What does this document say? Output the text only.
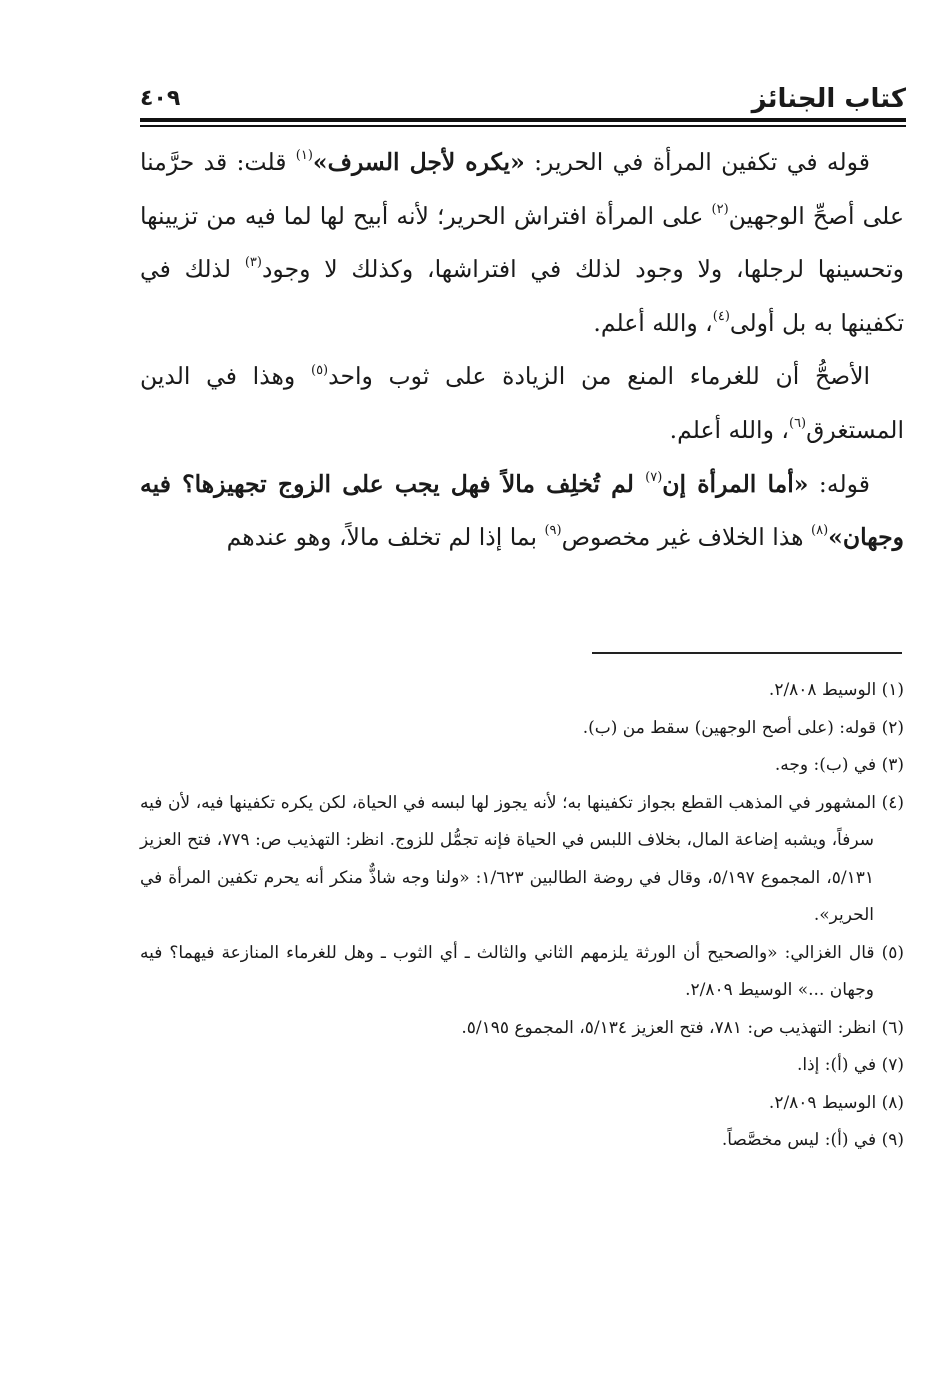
كتاب الجنائز
٤٠٩

قوله في تكفين المرأة في الحرير: «يكره لأجل السرف»$^{(١)}$ قلت: قد حرَّمنا على أصحِّ الوجهين$^{(٢)}$ على المرأة افتراش الحرير؛ لأنه أبيح لها لما فيه من تزيينها وتحسينها لرجلها، ولا وجود لذلك في افتراشها، وكذلك لا وجود$^{(٣)}$ لذلك في تكفينها به بل أولى$^{(٤)}$، والله أعلم.

الأصحُّ أن للغرماء المنع من الزيادة على ثوب واحد$^{(٥)}$ وهذا في الدين المستغرق$^{(٦)}$، والله أعلم.

قوله: «أما المرأة إن$^{(٧)}$ لم تُخلِف مالاً فهل يجب على الزوج تجهيزها؟ فيه وجهان»$^{(٨)}$ هذا الخلاف غير مخصوص$^{(٩)}$ بما إذا لم تخلف مالاً، وهو عندهم

(١) الوسيط ٢/٨٠٨.

(٢) قوله: (على أصح الوجهين) سقط من (ب).

(٣) في (ب): وجه.

(٤) المشهور في المذهب القطع بجواز تكفينها به؛ لأنه يجوز لها لبسه في الحياة، لكن يكره تكفينها فيه، لأن فيه سرفاً، ويشبه إضاعة المال، بخلاف اللبس في الحياة فإنه تجمُّل للزوج. انظر: التهذيب ص: ٧٧٩، فتح العزيز ٥/١٣١، المجموع ٥/١٩٧، وقال في روضة الطالبين ١/٦٢٣: «ولنا وجه شاذٌّ منكر أنه يحرم تكفين المرأة في الحرير».

(٥) قال الغزالي: «والصحيح أن الورثة يلزمهم الثاني والثالث ـ أي الثوب ـ وهل للغرماء المنازعة فيهما؟ فيه وجهان ...» الوسيط ٢/٨٠٩.

(٦) انظر: التهذيب ص: ٧٨١، فتح العزيز ٥/١٣٤، المجموع ٥/١٩٥.

(٧) في (أ): إذا.

(٨) الوسيط ٢/٨٠٩.

(٩) في (أ): ليس مخصَّصاً.
